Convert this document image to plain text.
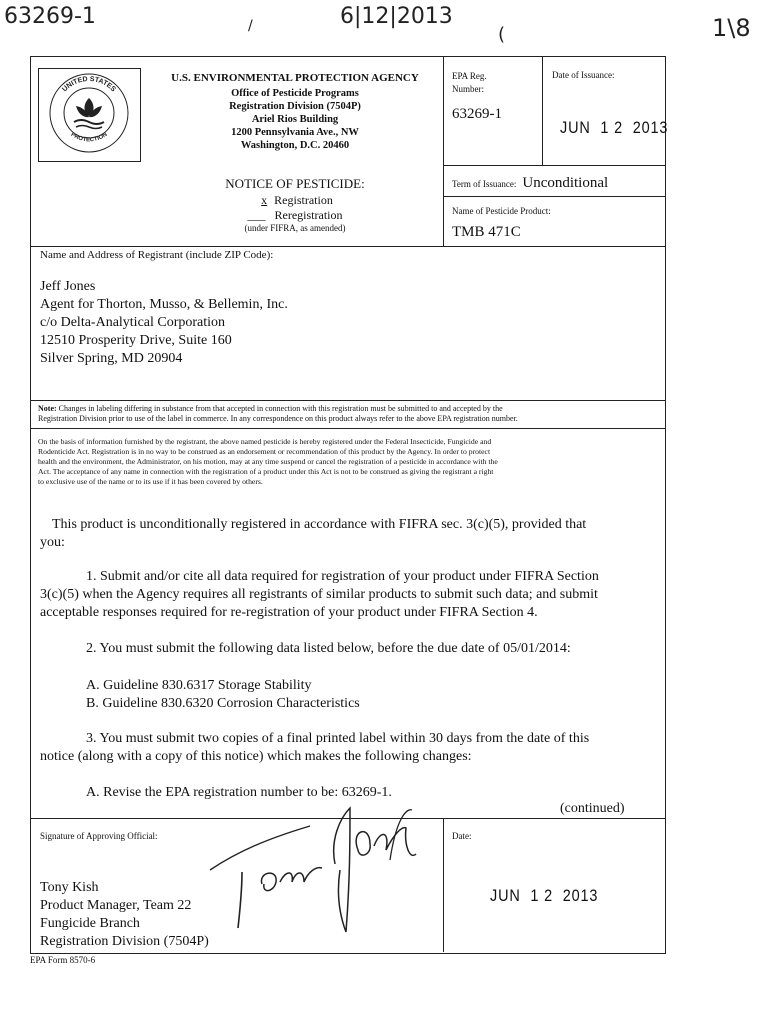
63269-1	6|12|2013	1\8
/	(
UNITED STATES
PROTECTION
U.S. ENVIRONMENTAL PROTECTION AGENCY
Office of Pesticide Programs
Registration Division (7504P)
Ariel Rios Building
1200 Pennsylvania Ave., NW
Washington, D.C. 20460
EPA Reg.
Number:
63269-1
Date of Issuance:
JUN  1 2  2013
NOTICE OF PESTICIDE:
x Registration
___ Reregistration
(under FIFRA, as amended)
Term of Issuance: Unconditional
Name of Pesticide Product:
TMB 471C
Name and Address of Registrant (include ZIP Code):
Jeff Jones
Agent for Thorton, Musso, & Bellemin, Inc.
c/o Delta-Analytical Corporation
12510 Prosperity Drive, Suite 160
Silver Spring, MD 20904
Note: Changes in labeling differing in substance from that accepted in connection with this registration must be submitted to and accepted by the
Registration Division prior to use of the label in commerce. In any correspondence on this product always refer to the above EPA registration number.
On the basis of information furnished by the registrant, the above named pesticide is hereby registered under the Federal Insecticide, Fungicide and
Rodenticide Act. Registration is in no way to be construed as an endorsement or recommendation of this product by the Agency. In order to protect
health and the environment, the Administrator, on his motion, may at any time suspend or cancel the registration of a pesticide in accordance with the
Act. The acceptance of any name in connection with the registration of a product under this Act is not to be construed as giving the registrant a right
to exclusive use of the name or to its use if it has been covered by others.
This product is unconditionally registered in accordance with FIFRA sec. 3(c)(5), provided that
you:
1. Submit and/or cite all data required for registration of your product under FIFRA Section
3(c)(5) when the Agency requires all registrants of similar products to submit such data; and submit
acceptable responses required for re-registration of your product under FIFRA Section 4.
2. You must submit the following data listed below, before the due date of 05/01/2014:
A. Guideline 830.6317 Storage Stability
B. Guideline 830.6320 Corrosion Characteristics
3. You must submit two copies of a final printed label within 30 days from the date of this
notice (along with a copy of this notice) which makes the following changes:
A. Revise the EPA registration number to be: 63269-1.
(continued)
Signature of Approving Official:
Tony Kish
Product Manager, Team 22
Fungicide Branch
Registration Division (7504P)
Date:
JUN  1 2  2013
EPA Form 8570-6
